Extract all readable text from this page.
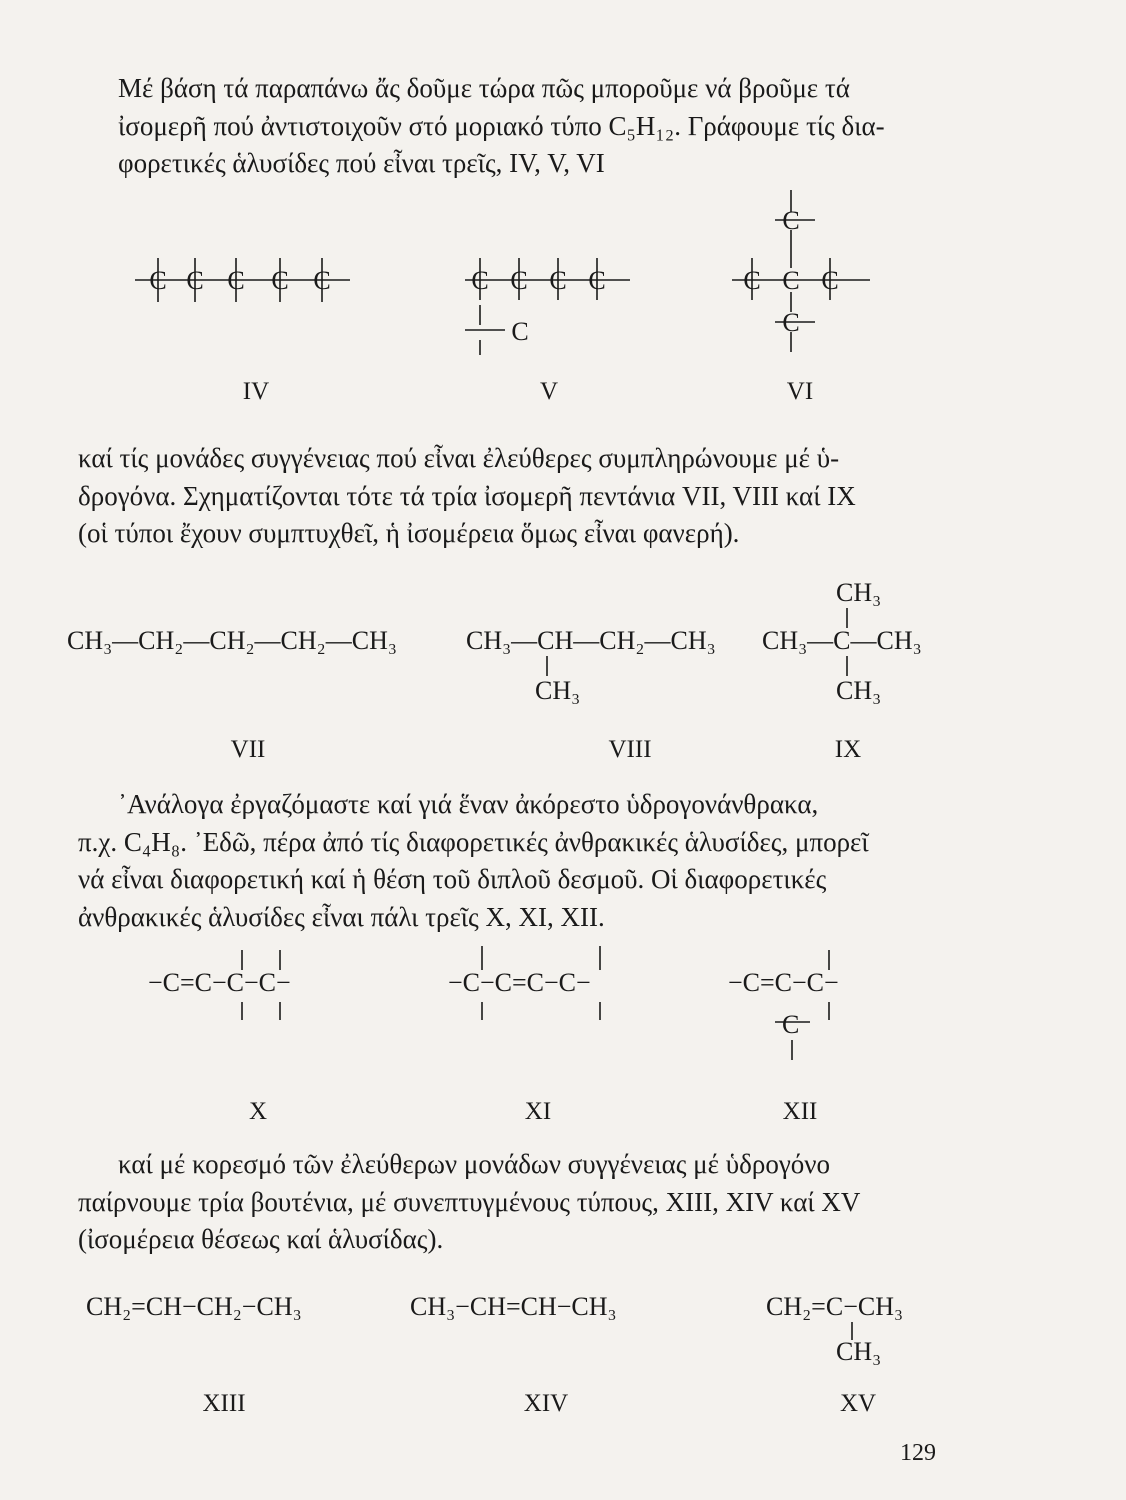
Μέ βάση τά παραπάνω ἄς δοῦμε τώρα πῶς μποροῦμε νά βροῦμε τά
ἰσομερῆ πού ἀντιστοιχοῦν στό μοριακό τύπο C₅H₁₂. Γράφουμε τίς δια-
φορετικές ἁλυσίδες πού εἶναι τρεῖς, IV, V, VI

C C C C C	C C C C
C
C
C C C
C
IV	V	VI

καί τίς μονάδες συγγένειας πού εἶναι ἐλεύθερες συμπληρώνουμε μέ ὑ-
δρογόνα. Σχηματίζονται τότε τά τρία ἰσομερῆ πεντάνια VII, VIII καί IX
(οἱ τύποι ἔχουν συμπτυχθεῖ, ἡ ἰσομέρεια ὅμως εἶναι φανερή).

CH₃—CH₂—CH₂—CH₂—CH₃	CH₃—CH—CH₂—CH₃
CH₃
CH₃—C—CH₃
CH₃
CH₃
VII	VIII	IX

᾿Ανάλογα ἐργαζόμαστε καί γιά ἕναν ἀκόρεστο ὑδρογονάνθρακα,
π.χ. C₄H₈. ᾿Εδῶ, πέρα ἀπό τίς διαφορετικές ἀνθρακικές ἁλυσίδες, μπορεῖ
νά εἶναι διαφορετική καί ἡ θέση τοῦ διπλοῦ δεσμοῦ. Οἱ διαφορετικές
ἀνθρακικές ἁλυσίδες εἶναι πάλι τρεῖς X, XI, XII.

−C=C−C−C−	−C−C=C−C−	−C=C−C−
C
X	XI	XII

καί μέ κορεσμό τῶν ἐλεύθερων μονάδων συγγένειας μέ ὑδρογόνο
παίρνουμε τρία βουτένια, μέ συνεπτυγμένους τύπους, XIII, XIV καί XV
(ἰσομέρεια θέσεως καί ἁλυσίδας).

CH₂=CH−CH₂−CH₃	CH₃−CH=CH−CH₃	CH₂=C−CH₃
CH₃
XIII	XIV	XV
129
